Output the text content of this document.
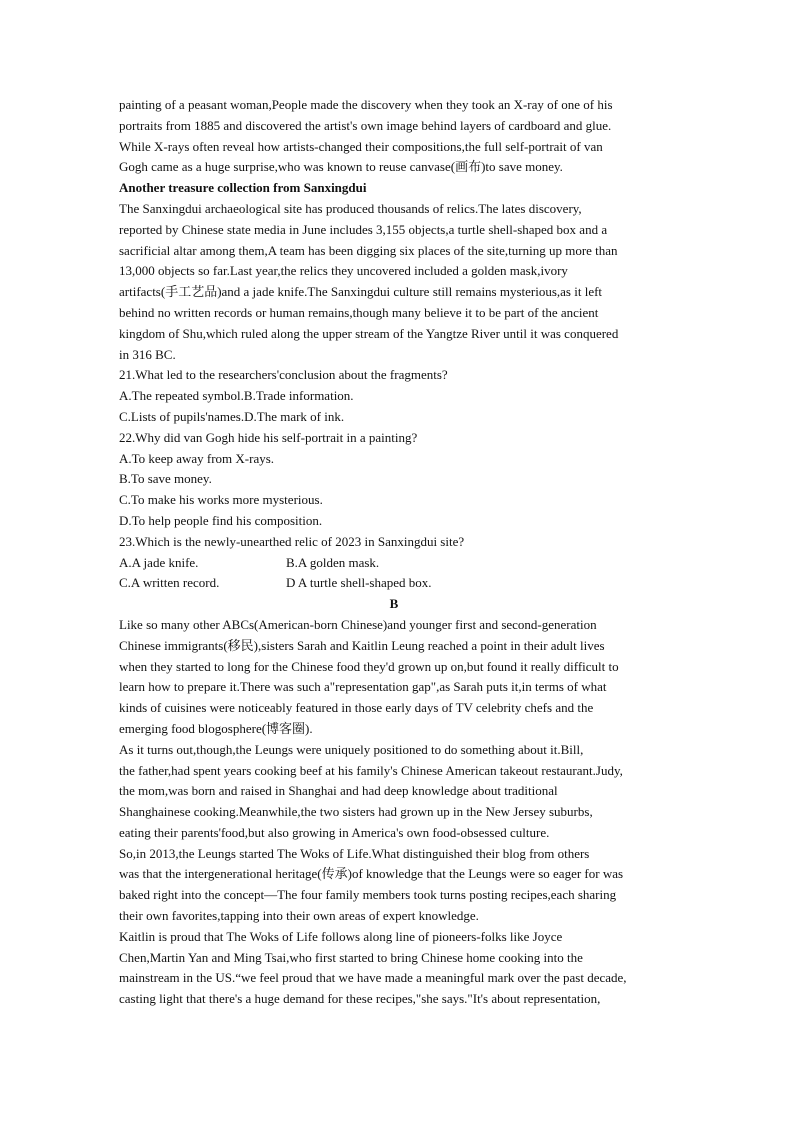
painting of a peasant woman,People made the discovery when they took an X-ray of one of his
portraits from 1885 and discovered the artist's own image behind layers of cardboard and glue.
While X-rays often reveal how artists-changed their compositions,the full self-portrait of van
Gogh came as a huge surprise,who was known to reuse canvase(画布)to save money.
Another treasure collection from Sanxingdui
The Sanxingdui archaeological site has produced thousands of relics.The lates discovery,
reported by Chinese state media in June includes 3,155 objects,a turtle shell-shaped box and a
sacrificial altar among them,A team has been digging six places of the site,turning up more than
13,000 objects so far.Last year,the relics they uncovered included a golden mask,ivory
artifacts(手工艺品)and a jade knife.The Sanxingdui culture still remains mysterious,as it left
behind no written records or human remains,though many believe it to be part of the ancient
kingdom of Shu,which ruled along the upper stream of the Yangtze River until it was conquered
in 316 BC.
21.What led to the researchers'conclusion about the fragments?
A.The repeated symbol.B.Trade information.
C.Lists of pupils'names.D.The mark of ink.
22.Why did van Gogh hide his self-portrait in a painting?
A.To keep away from X-rays.
B.To save money.
C.To make his works more mysterious.
D.To help people find his composition.
23.Which is the newly-unearthed relic of 2023 in Sanxingdui site?
A.A jade knife.	B.A golden mask.
C.A written record.	D A turtle shell-shaped box.
B
Like so many other ABCs(American-born Chinese)and younger first and second-generation
Chinese immigrants(移民),sisters Sarah and Kaitlin Leung reached a point in their adult lives
when they started to long for the Chinese food they'd grown up on,but found it really difficult to
learn how to prepare it.There was such a"representation gap",as Sarah puts it,in terms of what
kinds of cuisines were noticeably featured in those early days of TV celebrity chefs and the
emerging food blogosphere(博客圈).
As it turns out,though,the Leungs were uniquely positioned to do something about it.Bill,
the father,had spent years cooking beef at his family's Chinese American takeout restaurant.Judy,
the mom,was born and raised in Shanghai and had deep knowledge about traditional
Shanghainese cooking.Meanwhile,the two sisters had grown up in the New Jersey suburbs,
eating their parents'food,but also growing in America's own food-obsessed culture.
So,in 2013,the Leungs started The Woks of Life.What distinguished their blog from others
was that the intergenerational heritage(传承)of knowledge that the Leungs were so eager for was
baked right into the concept—The four family members took turns posting recipes,each sharing
their own favorites,tapping into their own areas of expert knowledge.
Kaitlin is proud that The Woks of Life follows along line of pioneers-folks like Joyce
Chen,Martin Yan and Ming Tsai,who first started to bring Chinese home cooking into the
mainstream in the US.“we feel proud that we have made a meaningful mark over the past decade,
casting light that there's a huge demand for these recipes,"she says."It's about representation,
